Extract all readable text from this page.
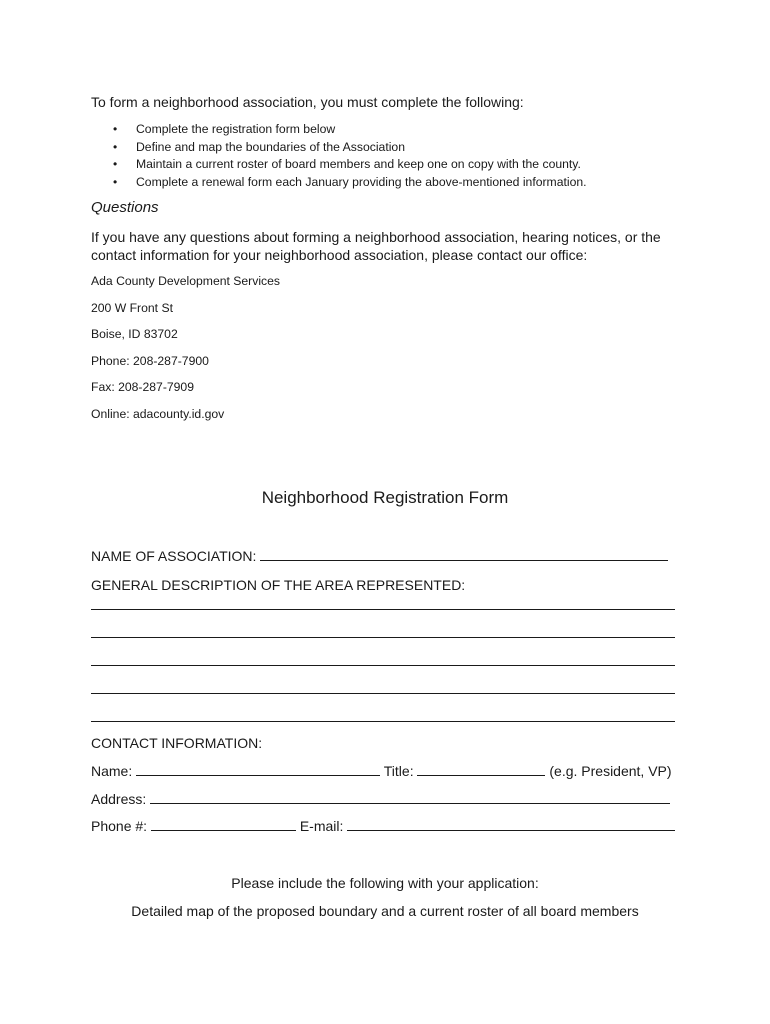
To form a neighborhood association, you must complete the following:

• Complete the registration form below
• Define and map the boundaries of the Association
• Maintain a current roster of board members and keep one on copy with the county.
• Complete a renewal form each January providing the above-mentioned information.
Questions

If you have any questions about forming a neighborhood association, hearing notices, or the contact information for your neighborhood association, please contact our office:

Ada County Development Services
200 W Front St
Boise, ID 83702
Phone: 208-287-7900
Fax: 208-287-7909
Online: adacounty.id.gov
Neighborhood Registration Form

NAME OF ASSOCIATION:

GENERAL DESCRIPTION OF THE AREA REPRESENTED:

CONTACT INFORMATION:

Name:	Title:	(e.g. President, VP)

Address:

Phone #:	E-mail:

Please include the following with your application:

Detailed map of the proposed boundary and a current roster of all board members
